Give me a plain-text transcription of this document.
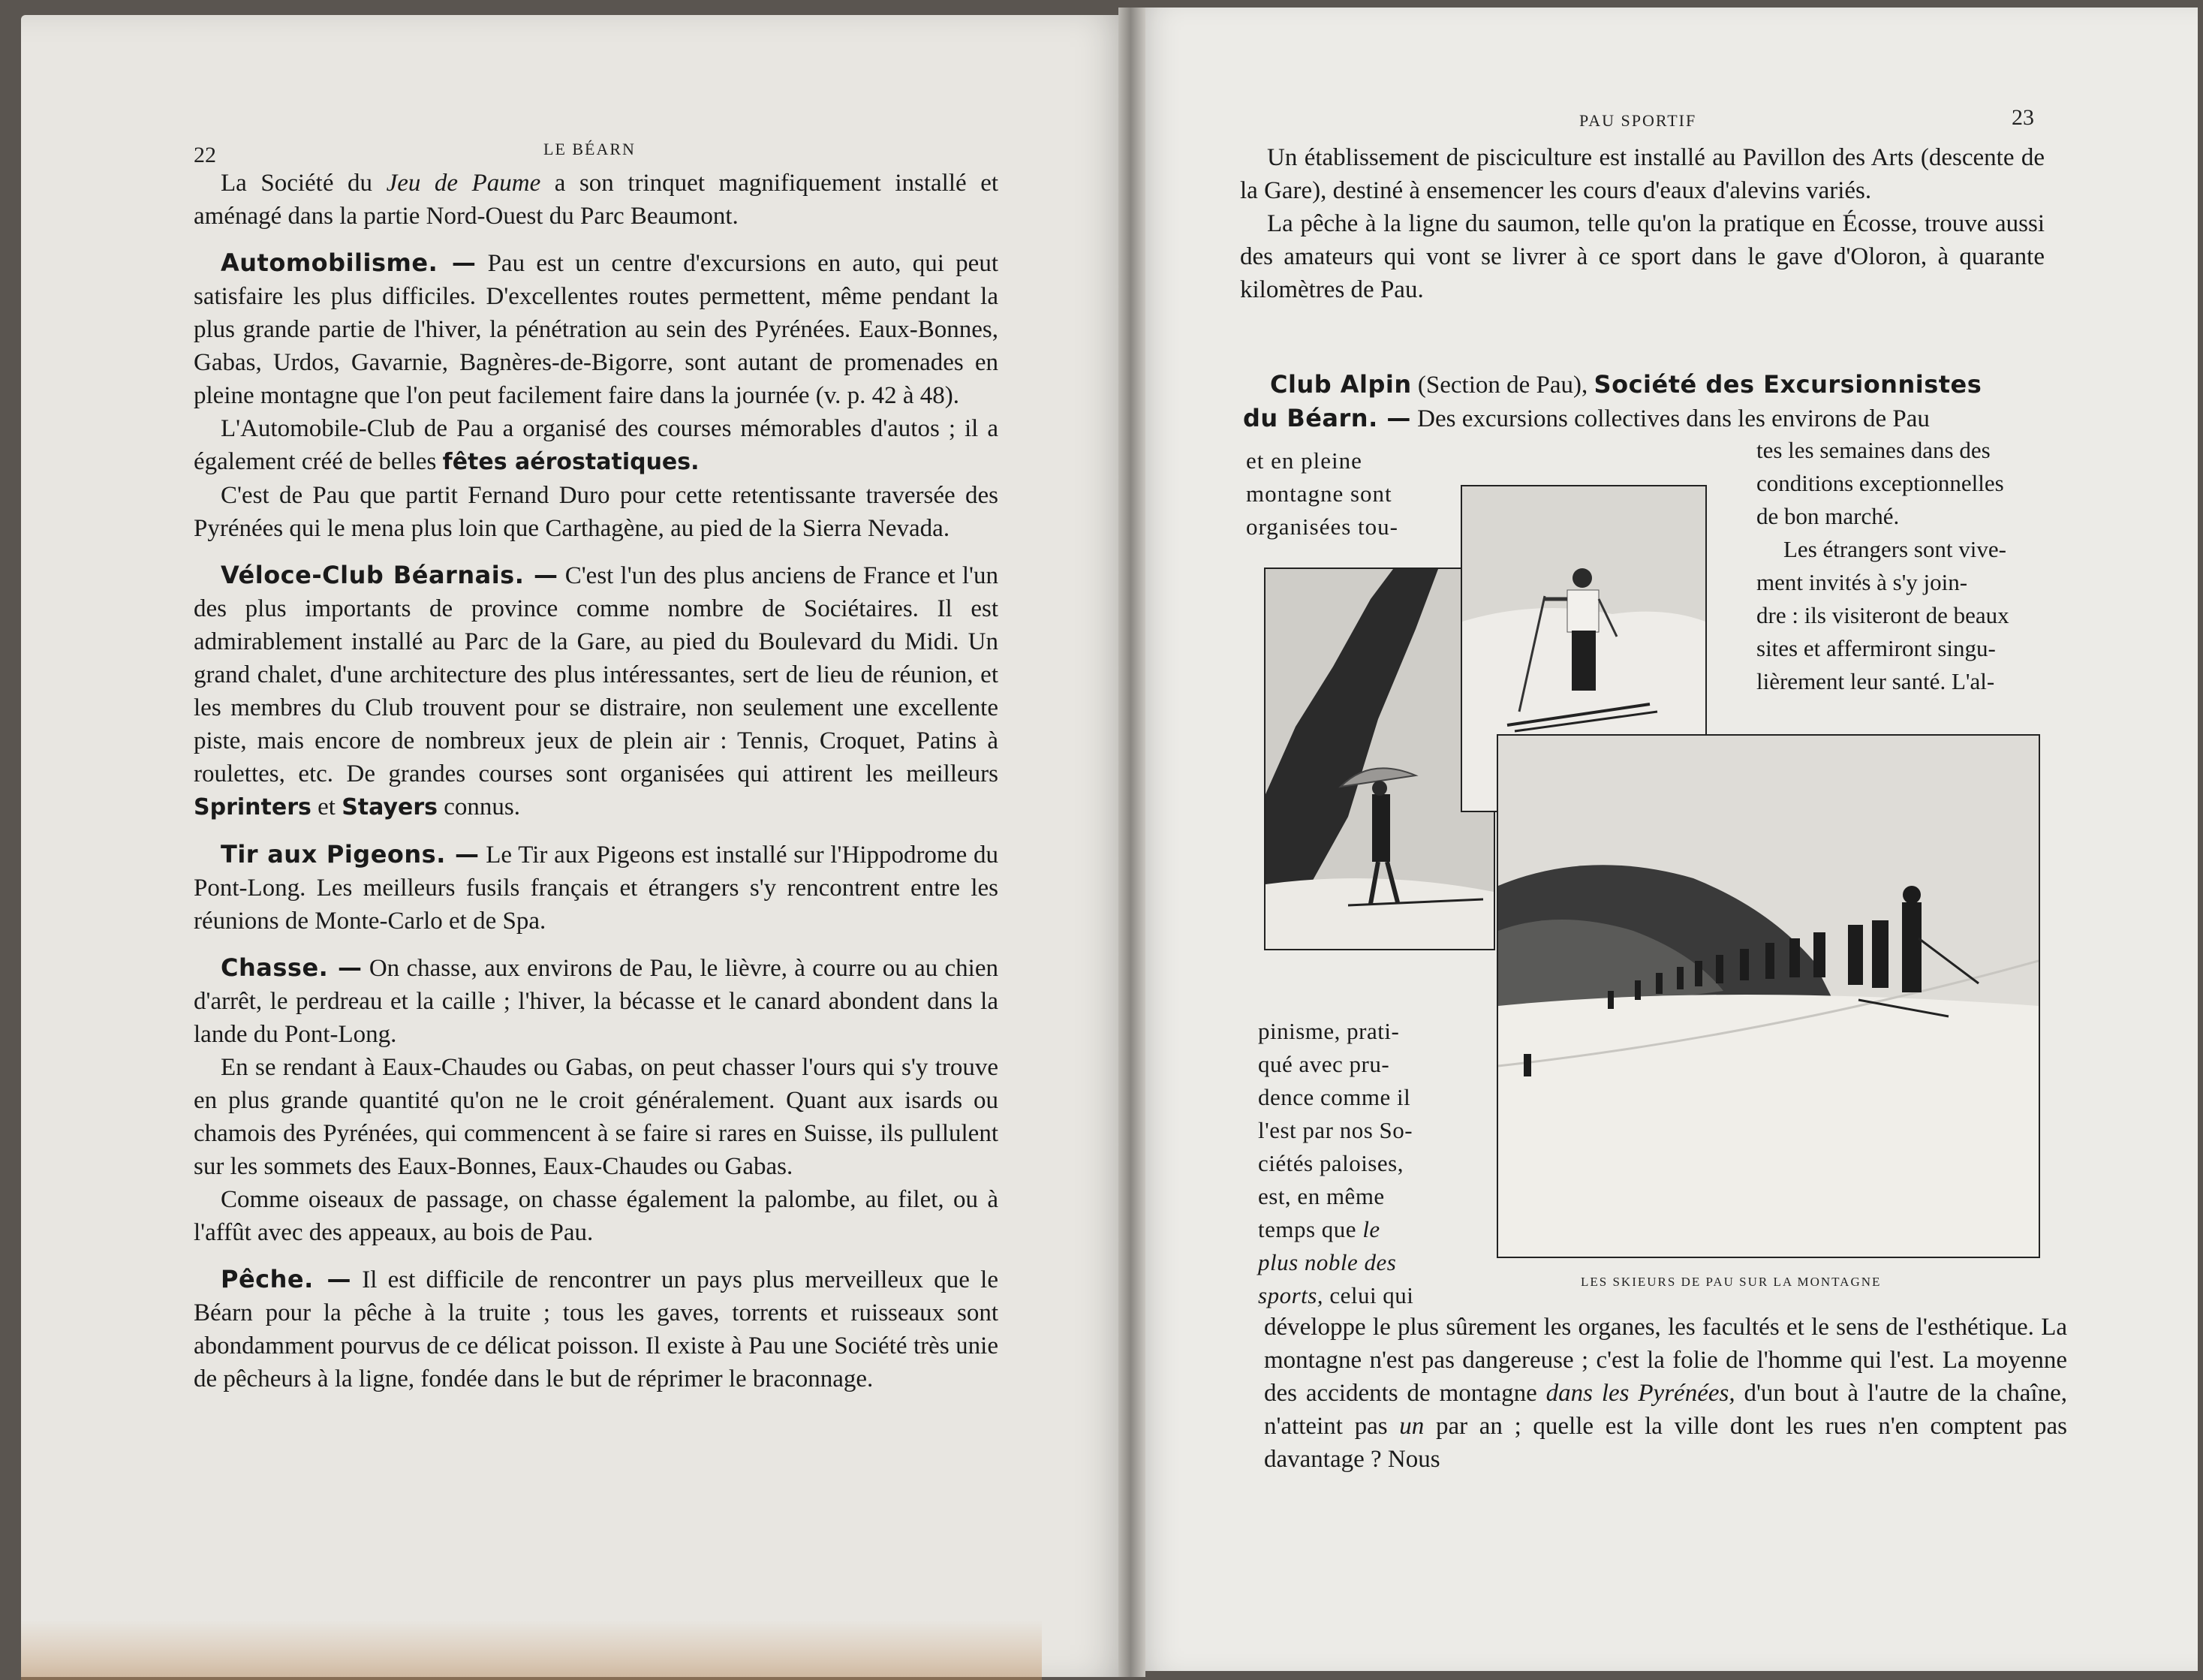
22	LE BÉARN

La Société du Jeu de Paume a son trinquet magnifiquement installé et aménagé dans la partie Nord-Ouest du Parc Beaumont.

Automobilisme. — Pau est un centre d'excursions en auto, qui peut satisfaire les plus difficiles. D'excellentes routes permettent, même pendant la plus grande partie de l'hiver, la pénétration au sein des Pyrénées. Eaux-Bonnes, Gabas, Urdos, Gavarnie, Bagnères-de-Bigorre, sont autant de promenades en pleine montagne que l'on peut facilement faire dans la journée (v. p. 42 à 48).

L'Automobile-Club de Pau a organisé des courses mémorables d'autos ; il a également créé de belles fêtes aérostatiques.

C'est de Pau que partit Fernand Duro pour cette retentissante traversée des Pyrénées qui le mena plus loin que Carthagène, au pied de la Sierra Nevada.

Véloce-Club Béarnais. — C'est l'un des plus anciens de France et l'un des plus importants de province comme nombre de Sociétaires. Il est admirablement installé au Parc de la Gare, au pied du Boulevard du Midi. Un grand chalet, d'une architecture des plus intéressantes, sert de lieu de réunion, et les membres du Club trouvent pour se distraire, non seulement une excellente piste, mais encore de nombreux jeux de plein air : Tennis, Croquet, Patins à roulettes, etc. De grandes courses sont organisées qui attirent les meilleurs Sprinters et Stayers connus.

Tir aux Pigeons. — Le Tir aux Pigeons est installé sur l'Hippodrome du Pont-Long. Les meilleurs fusils français et étrangers s'y rencontrent entre les réunions de Monte-Carlo et de Spa.

Chasse. — On chasse, aux environs de Pau, le lièvre, à courre ou au chien d'arrêt, le perdreau et la caille ; l'hiver, la bécasse et le canard abondent dans la lande du Pont-Long.

En se rendant à Eaux-Chaudes ou Gabas, on peut chasser l'ours qui s'y trouve en plus grande quantité qu'on ne le croit généralement. Quant aux isards ou chamois des Pyrénées, qui commencent à se faire si rares en Suisse, ils pullulent sur les sommets des Eaux-Bonnes, Eaux-Chaudes ou Gabas.

Comme oiseaux de passage, on chasse également la palombe, au filet, ou à l'affût avec des appeaux, au bois de Pau.

Pêche. — Il est difficile de rencontrer un pays plus merveilleux que le Béarn pour la pêche à la truite ; tous les gaves, torrents et ruisseaux sont abondamment pourvus de ce délicat poisson. Il existe à Pau une Société très unie de pêcheurs à la ligne, fondée dans le but de réprimer le braconnage.

PAU SPORTIF	23

Un établissement de pisciculture est installé au Pavillon des Arts (descente de la Gare), destiné à ensemencer les cours d'eaux d'alevins variés.

La pêche à la ligne du saumon, telle qu'on la pratique en Écosse, trouve aussi des amateurs qui vont se livrer à ce sport dans le gave d'Oloron, à quarante kilomètres de Pau.

Club Alpin (Section de Pau), Société des Excursionnistes

du Béarn. — Des excursions collectives dans les environs de Pau

et en pleine

montagne sont

organisées tou-

tes les semaines dans des

conditions exceptionnelles

de bon marché.

Les étrangers sont vive-

ment invités à s'y join-

dre : ils visiteront de beaux

sites et affermiront singu-

lièrement leur santé. L'al-

LES SKIEURS DE PAU SUR LA MONTAGNE

pinisme, prati-

qué avec pru-

dence comme il

l'est par nos So-

ciétés paloises,

est, en même

temps que le

plus noble des

sports, celui qui

développe le plus sûrement les organes, les facultés et le sens de l'esthétique. La montagne n'est pas dangereuse ; c'est la folie de l'homme qui l'est. La moyenne des accidents de montagne dans les Pyrénées, d'un bout à l'autre de la chaîne, n'atteint pas un par an ; quelle est la ville dont les rues n'en comptent pas davantage ? Nous
